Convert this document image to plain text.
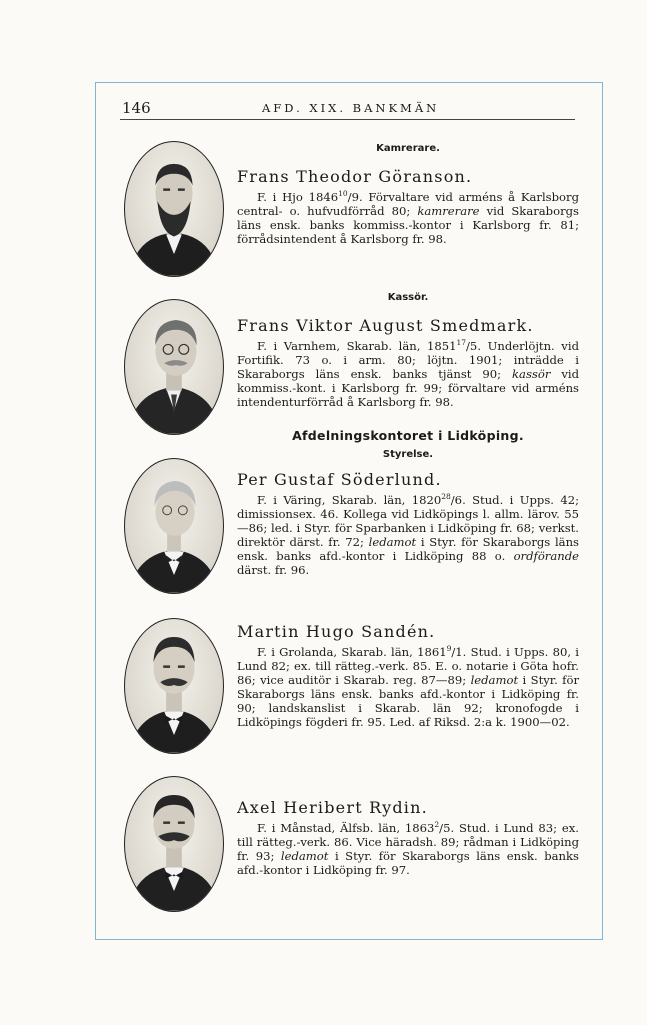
146	AFD. XIX. BANKMÄN
Kamrerare.
Kassör.
Afdelningskontoret i Lidköping.
Styrelse.
Frans Theodor Göranson.
F. i Hjo 1846$^{10}$/9. Förvaltare vid arméns å Karlsborg central- o. hufvudförråd 80; kamrerare vid Skaraborgs läns ensk. banks kommiss.-kontor i Karlsborg fr. 81; förrådsintendent å Karlsborg fr. 98.
Frans Viktor August Smedmark.
F. i Varnhem, Skarab. län, 1851$^{17}$/5. Underlöjtn. vid Fortifik. 73 o. i arm. 80; löjtn. 1901; inträdde i Skaraborgs läns ensk. banks tjänst 90; kassör vid kommiss.-kont. i Karlsborg fr. 99; förvaltare vid arméns intendenturförråd å Karlsborg fr. 98.
Per Gustaf Söderlund.
F. i Väring, Skarab. län, 1820$^{28}$/6. Stud. i Upps. 42; dimissionsex. 46. Kollega vid Lidköpings l. allm. lärov. 55—86; led. i Styr. för Sparbanken i Lidköping fr. 68; verkst. direktör därst. fr. 72; ledamot i Styr. för Skaraborgs läns ensk. banks afd.-kontor i Lidköping 88 o. ordförande därst. fr. 96.
Martin Hugo Sandén.
F. i Grolanda, Skarab. län, 1861$^9$/1. Stud. i Upps. 80, i Lund 82; ex. till rätteg.-verk. 85. E. o. notarie i Göta hofr. 86; vice auditör i Skarab. reg. 87—89; ledamot i Styr. för Skaraborgs läns ensk. banks afd.-kontor i Lidköping fr. 90; landskanslist i Skarab. län 92; kronofogde i Lidköpings fögderi fr. 95. Led. af Riksd. 2:a k. 1900—02.
Axel Heribert Rydin.
F. i Månstad, Älfsb. län, 1863$^2$/5. Stud. i Lund 83; ex. till rätteg.-verk. 86. Vice häradsh. 89; rådman i Lidköping fr. 93; ledamot i Styr. för Skaraborgs läns ensk. banks afd.-kontor i Lidköping fr. 97.
